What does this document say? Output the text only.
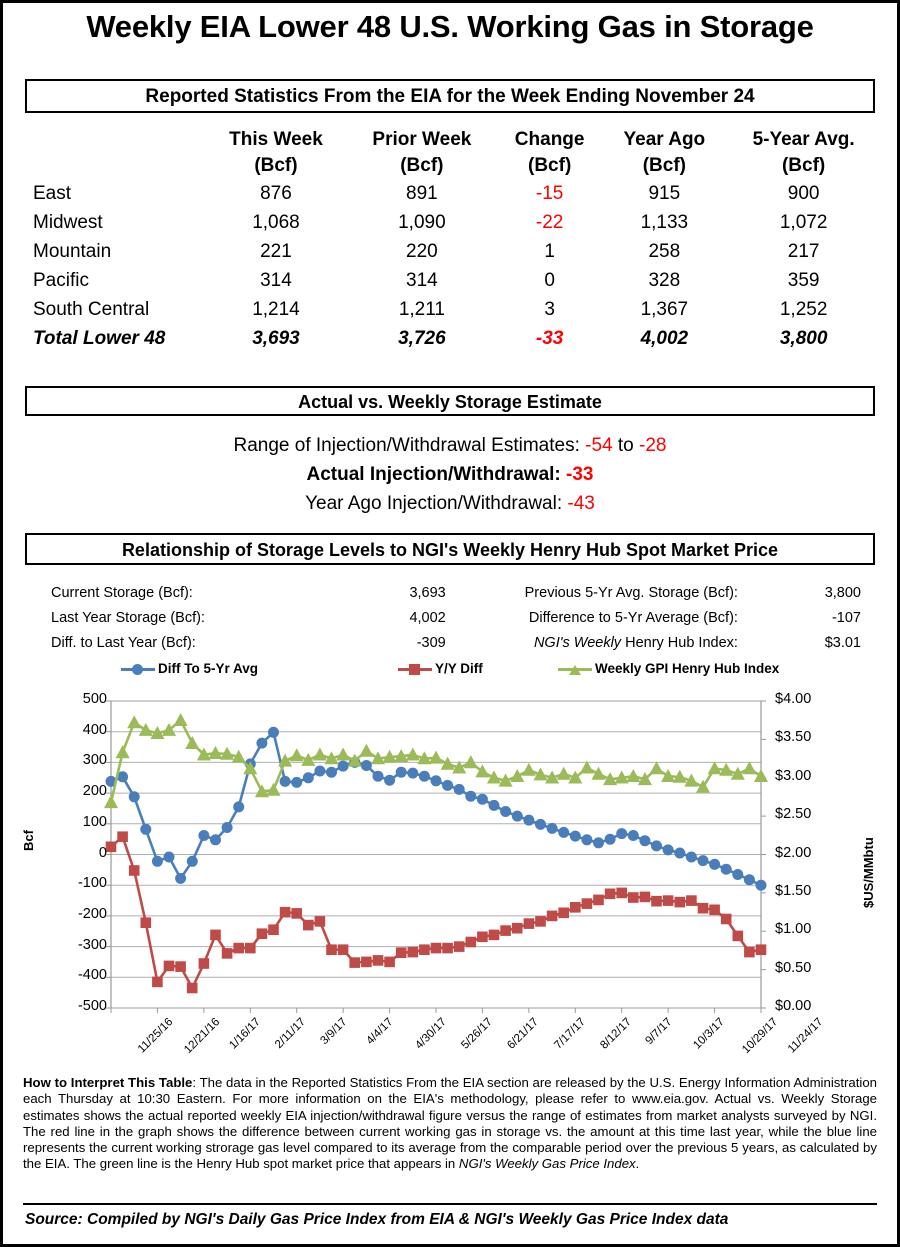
Weekly EIA Lower 48 U.S. Working Gas in Storage
Reported Statistics From the EIA for the Week Ending November 24
	This Week	Prior Week	Change	Year Ago	5-Year Avg.
	(Bcf)	(Bcf)	(Bcf)	(Bcf)	(Bcf)
East	876	891	-15	915	900
Midwest	1,068	1,090	-22	1,133	1,072
Mountain	221	220	1	258	217
Pacific	314	314	0	328	359
South Central	1,214	1,211	3	1,367	1,252
Total Lower 48	3,693	3,726	-33	4,002	3,800
Actual vs. Weekly Storage Estimate
Range of Injection/Withdrawal Estimates: -54 to -28
Actual Injection/Withdrawal: -33
Year Ago Injection/Withdrawal: -43
Relationship of Storage Levels to NGI's Weekly Henry Hub Spot Market Price
Current Storage (Bcf):	3,693	Previous 5-Yr Avg. Storage (Bcf):	3,800
Last Year Storage (Bcf):	4,002	Difference to 5-Yr Average (Bcf):	-107
Diff. to Last Year (Bcf):	-309	NGI's Weekly Henry Hub Index:	$3.01
Diff To 5-Yr Avg	Y/Y Diff	Weekly GPI Henry Hub Index
Bcf	$US/MMbtu
How to Interpret This Table: The data in the Reported Statistics From the EIA section are released by the U.S. Energy Information Administration each Thursday at 10:30 Eastern. For more information on the EIA's methodology, please refer to www.eia.gov. Actual vs. Weekly Storage estimates shows the actual reported weekly EIA injection/withdrawal figure versus the range of estimates from market analysts surveyed by NGI. The red line in the graph shows the difference between current working gas in storage vs. the amount at this time last year, while the blue line represents the current working strorage gas level compared to its average from the comparable period over the previous 5 years, as calculated by the EIA. The green line is the Henry Hub spot market price that appears in NGI's Weekly Gas Price Index.
Source: Compiled by NGI's Daily Gas Price Index from EIA & NGI's Weekly Gas Price Index data
500
400
300
200
100
0
-100
-200
-300
-400
-500
$4.00
$3.50
$3.00
$2.50
$2.00
$1.50
$1.00
$0.50
$0.00
11/25/16 12/21/16 1/16/17 2/11/17 3/9/17 4/4/17 4/30/17 5/26/17 6/21/17 7/17/17 8/12/17 9/7/17 10/3/17 10/29/17 11/24/17
